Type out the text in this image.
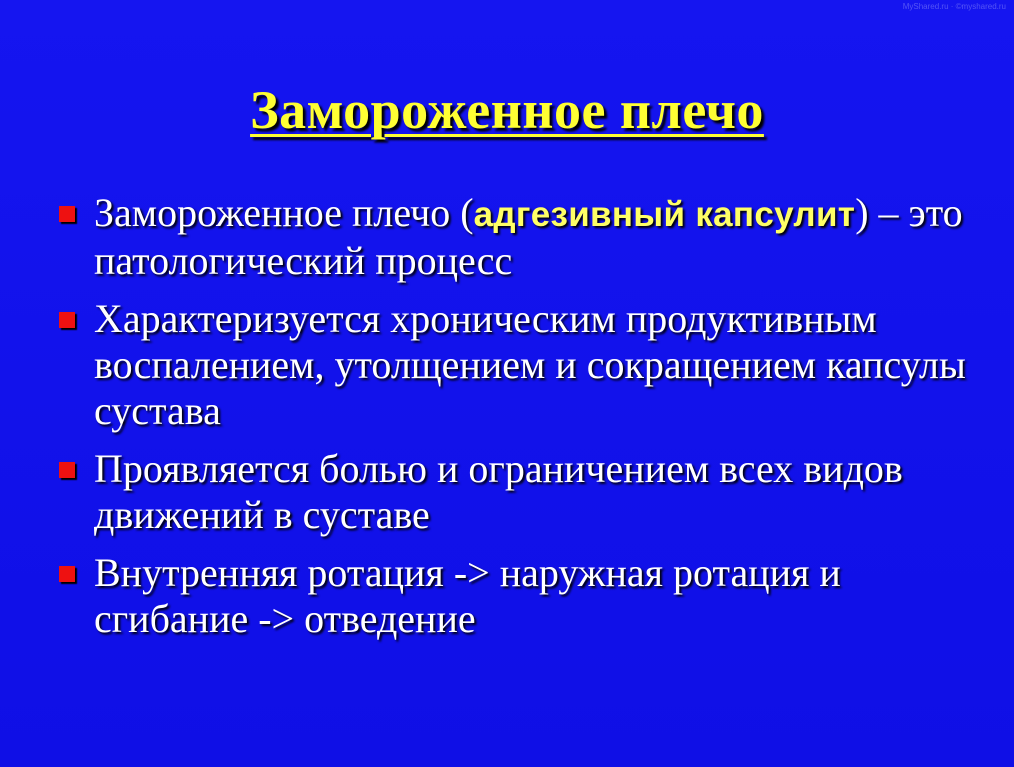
MyShared.ru · ©myshared.ru
Замороженное плечо
Замороженное плечо (адгезивный капсулит) – это патологический процесс
Характеризуется хроническим продуктивным воспалением, утолщением и сокращением капсулы сустава
Проявляется болью и ограничением всех видов движений в суставе
Внутренняя ротация -> наружная ротация и сгибание -> отведение
